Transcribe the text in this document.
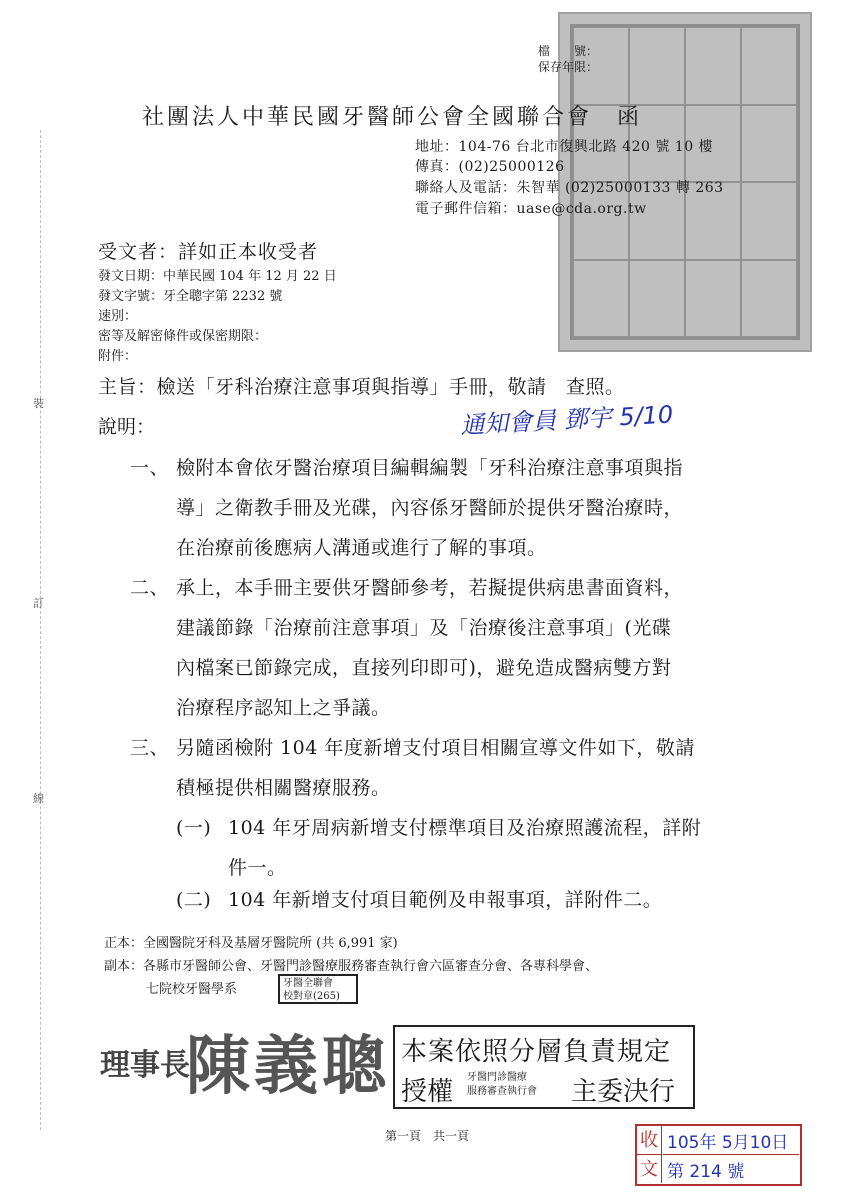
裝
訂
線
檔　　號：
保存年限：
社團法人中華民國牙醫師公會全國聯合會　函
地址：104-76 台北市復興北路 420 號 10 樓
傳真：(02)25000126
聯絡人及電話：朱智華 (02)25000133 轉 263
電子郵件信箱：uase@cda.org.tw
受文者：詳如正本收受者
發文日期：中華民國 104 年 12 月 22 日
發文字號：牙全聰字第 2232 號
速別：
密等及解密條件或保密期限：
附件：
主旨：檢送「牙科治療注意事項與指導」手冊，敬請　查照。
通知會員 鄧宇 5/10
說明：
一、 檢附本會依牙醫治療項目編輯編製「牙科治療注意事項與指
導」之衛教手冊及光碟，內容係牙醫師於提供牙醫治療時，
在治療前後應病人溝通或進行了解的事項。
二、 承上，本手冊主要供牙醫師參考，若擬提供病患書面資料，
建議節錄「治療前注意事項」及「治療後注意事項」(光碟
內檔案已節錄完成，直接列印即可)，避免造成醫病雙方對
治療程序認知上之爭議。
三、 另隨函檢附 104 年度新增支付項目相關宣導文件如下，敬請
積極提供相關醫療服務。
(一) 104 年牙周病新增支付標準項目及治療照護流程，詳附
件一。
(二) 104 年新增支付項目範例及申報事項，詳附件二。
正本：全國醫院牙科及基層牙醫院所 (共 6,991 家)
副本：各縣市牙醫師公會、牙醫門診醫療服務審查執行會六區審查分會、各專科學會、
七院校牙醫學系	牙醫全聯會
校對章(265)
理事長
陳義聰 本案依照分層負責規定
授權 牙醫門診醫療
服務審查執行會 主委決行
第一頁　共一頁	收
文
105年 5月10日
第 214 號
